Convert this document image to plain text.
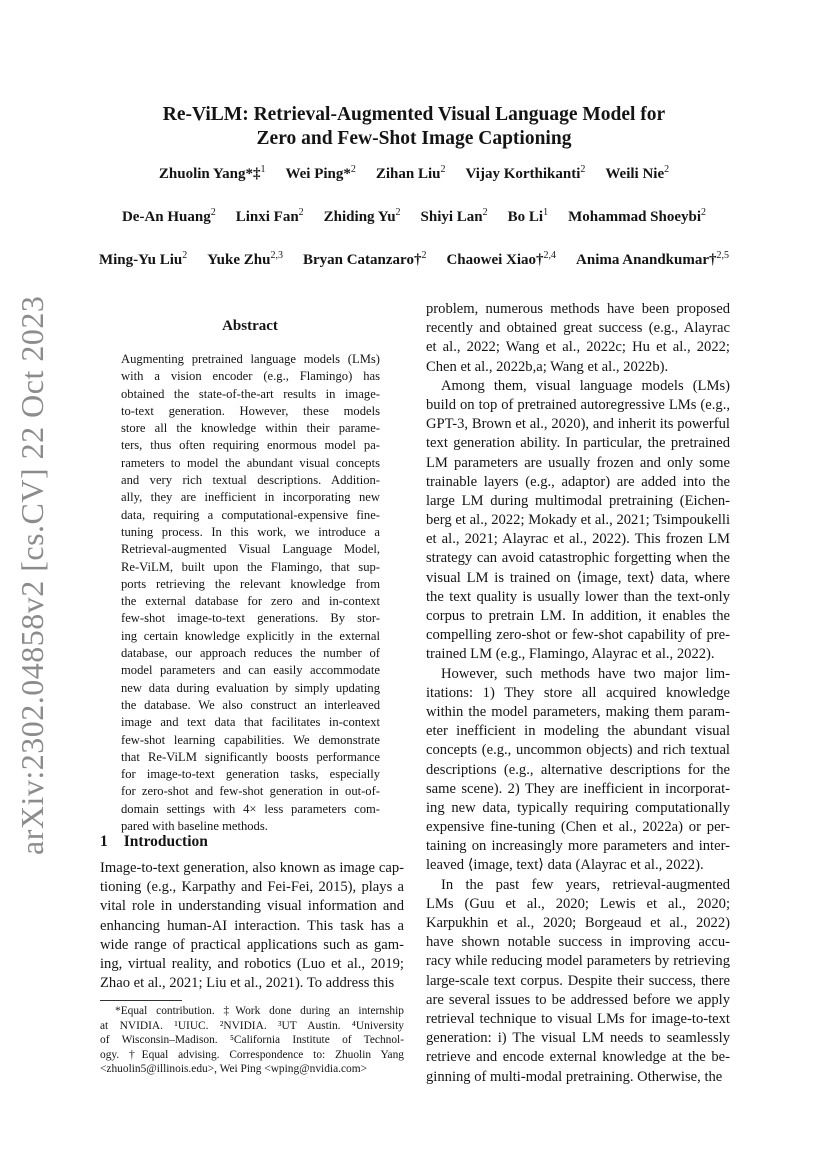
Re-ViLM: Retrieval-Augmented Visual Language Model for
Zero and Few-Shot Image Captioning
Zhuolin Yang*‡$^1$ Wei Ping*$^2$ Zihan Liu$^2$ Vijay Korthikanti$^2$ Weili Nie$^2$
De-An Huang$^2$ Linxi Fan$^2$ Zhiding Yu$^2$ Shiyi Lan$^2$ Bo Li$^1$ Mohammad Shoeybi$^2$
Ming-Yu Liu$^2$ Yuke Zhu$^{2,3}$ Bryan Catanzaro†$^2$ Chaowei Xiao†$^{2,4}$ Anima Anandkumar†$^{2,5}$
arXiv:2302.04858v2 [cs.CV] 22 Oct 2023	Abstract
Augmenting pretrained language models (LMs)
with a vision encoder (e.g., Flamingo) has
obtained the state-of-the-art results in image-
to-text generation. However, these models
store all the knowledge within their parame-
ters, thus often requiring enormous model pa-
rameters to model the abundant visual concepts
and very rich textual descriptions. Addition-
ally, they are inefficient in incorporating new
data, requiring a computational-expensive fine-
tuning process. In this work, we introduce a
Retrieval-augmented Visual Language Model,
Re-ViLM, built upon the Flamingo, that sup-
ports retrieving the relevant knowledge from
the external database for zero and in-context
few-shot image-to-text generations. By stor-
ing certain knowledge explicitly in the external
database, our approach reduces the number of
model parameters and can easily accommodate
new data during evaluation by simply updating
the database. We also construct an interleaved
image and text data that facilitates in-context
few-shot learning capabilities. We demonstrate
that Re-ViLM significantly boosts performance
for image-to-text generation tasks, especially
for zero-shot and few-shot generation in out-of-
domain settings with 4× less parameters com-
pared with baseline methods.
1 Introduction
Image-to-text generation, also known as image cap-
tioning (e.g., Karpathy and Fei-Fei, 2015), plays a
vital role in understanding visual information and
enhancing human-AI interaction. This task has a
wide range of practical applications such as gam-
ing, virtual reality, and robotics (Luo et al., 2019;
Zhao et al., 2021; Liu et al., 2021). To address this
*Equal contribution. ‡Work done during an internship
at NVIDIA. ¹UIUC. ²NVIDIA. ³UT Austin. ⁴University
of Wisconsin–Madison. ⁵California Institute of Technol-
ogy. †Equal advising. Correspondence to: Zhuolin Yang
<zhuolin5@illinois.edu>, Wei Ping <wping@nvidia.com>
problem, numerous methods have been proposed
recently and obtained great success (e.g., Alayrac
et al., 2022; Wang et al., 2022c; Hu et al., 2022;
Chen et al., 2022b,a; Wang et al., 2022b).
Among them, visual language models (LMs)
build on top of pretrained autoregressive LMs (e.g.,
GPT-3, Brown et al., 2020), and inherit its powerful
text generation ability. In particular, the pretrained
LM parameters are usually frozen and only some
trainable layers (e.g., adaptor) are added into the
large LM during multimodal pretraining (Eichen-
berg et al., 2022; Mokady et al., 2021; Tsimpoukelli
et al., 2021; Alayrac et al., 2022). This frozen LM
strategy can avoid catastrophic forgetting when the
visual LM is trained on ⟨image, text⟩ data, where
the text quality is usually lower than the text-only
corpus to pretrain LM. In addition, it enables the
compelling zero-shot or few-shot capability of pre-
trained LM (e.g., Flamingo, Alayrac et al., 2022).
However, such methods have two major lim-
itations: 1) They store all acquired knowledge
within the model parameters, making them param-
eter inefficient in modeling the abundant visual
concepts (e.g., uncommon objects) and rich textual
descriptions (e.g., alternative descriptions for the
same scene). 2) They are inefficient in incorporat-
ing new data, typically requiring computationally
expensive fine-tuning (Chen et al., 2022a) or per-
taining on increasingly more parameters and inter-
leaved ⟨image, text⟩ data (Alayrac et al., 2022).
In the past few years, retrieval-augmented
LMs (Guu et al., 2020; Lewis et al., 2020;
Karpukhin et al., 2020; Borgeaud et al., 2022)
have shown notable success in improving accu-
racy while reducing model parameters by retrieving
large-scale text corpus. Despite their success, there
are several issues to be addressed before we apply
retrieval technique to visual LMs for image-to-text
generation: i) The visual LM needs to seamlessly
retrieve and encode external knowledge at the be-
ginning of multi-modal pretraining. Otherwise, the
